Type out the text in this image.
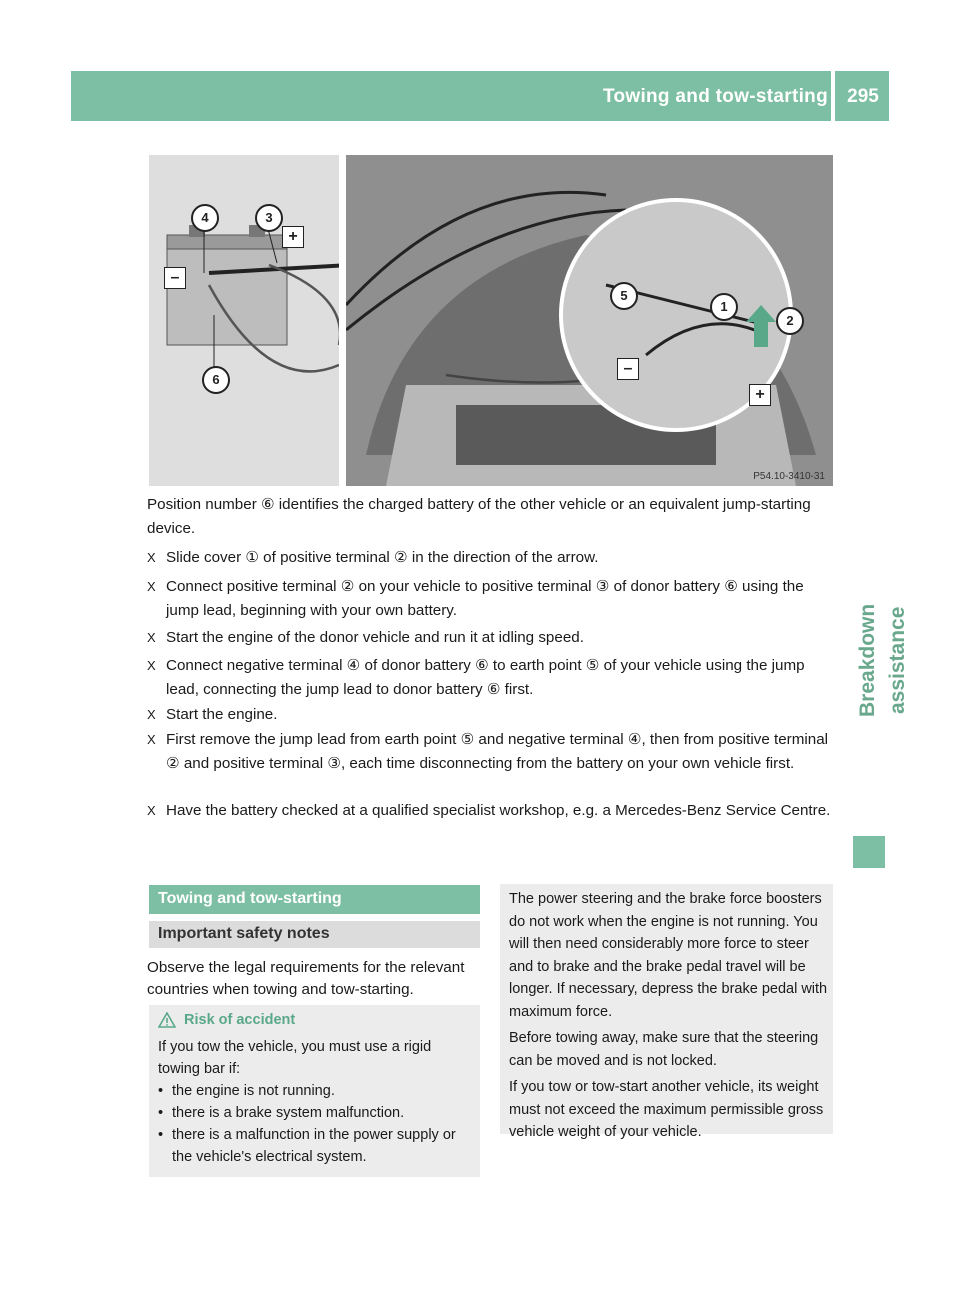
Towing and tow-starting	295
Breakdown assistance
4	3
6
+
–
5
1
2
–
+
P54.10-3410-31
Position number ⑥ identifies the charged battery of the other vehicle or an equivalent jump-starting device.
X Slide cover ① of positive terminal ② in the direction of the arrow.
X Connect positive terminal ② on your vehicle to positive terminal ③ of donor battery ⑥ using the jump lead, beginning with your own battery.
X Start the engine of the donor vehicle and run it at idling speed.
X Connect negative terminal ④ of donor battery ⑥ to earth point ⑤ of your vehicle using the jump lead, connecting the jump lead to donor battery ⑥ first.
X Start the engine.
X First remove the jump lead from earth point ⑤ and negative terminal ④, then from positive terminal ② and positive terminal ③, each time disconnecting from the battery on your own vehicle first.
X Have the battery checked at a qualified specialist workshop, e.g. a Mercedes-Benz Service Centre.
Towing and tow-starting
Important safety notes
Observe the legal requirements for the relevant countries when towing and tow-starting.
Risk of accident
If you tow the vehicle, you must use a rigid towing bar if:
• the engine is not running.
• there is a brake system malfunction.
• there is a malfunction in the power supply or the vehicle's electrical system.

The power steering and the brake force boosters do not work when the engine is not running. You will then need considerably more force to steer and to brake and the brake pedal travel will be longer. If necessary, depress the brake pedal with maximum force.

Before towing away, make sure that the steering can be moved and is not locked.

If you tow or tow-start another vehicle, its weight must not exceed the maximum permissible gross vehicle weight of your vehicle.
